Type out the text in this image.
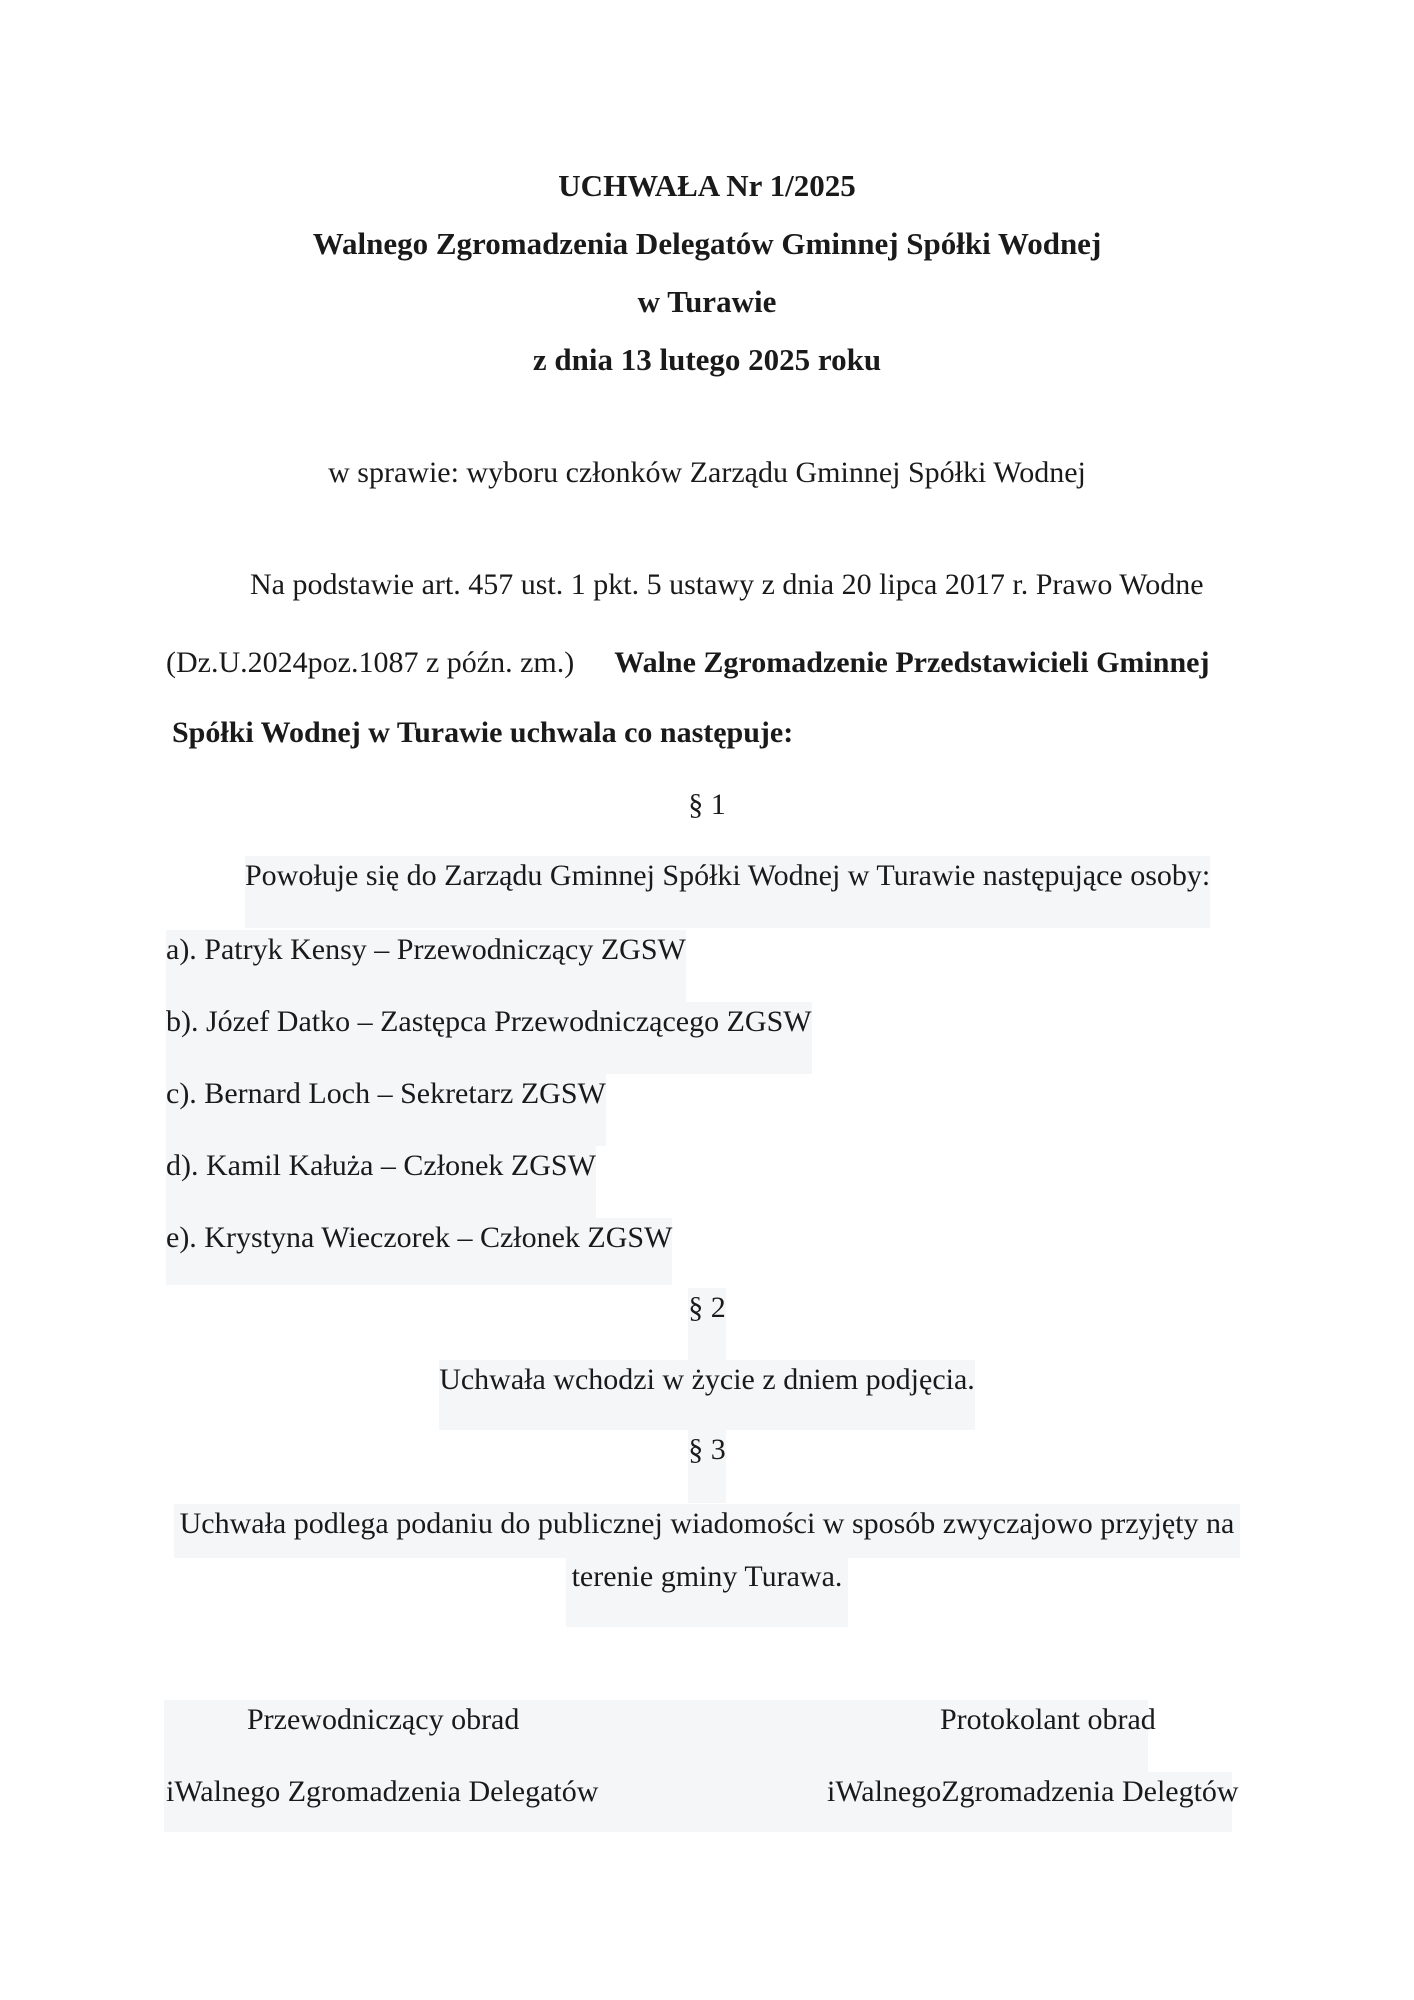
UCHWAŁA Nr 1/2025
Walnego Zgromadzenia Delegatów Gminnej Spółki Wodnej
w Turawie
z dnia 13 lutego 2025 roku
w sprawie: wyboru członków Zarządu Gminnej Spółki Wodnej
Na podstawie art. 457 ust. 1 pkt. 5 ustawy z dnia 20 lipca 2017 r. Prawo Wodne
(Dz.U.2024poz.1087 z późn. zm.) Walne Zgromadzenie Przedstawicieli Gminnej
Spółki Wodnej w Turawie uchwala co następuje:
§ 1
Powołuje się do Zarządu Gminnej Spółki Wodnej w Turawie następujące osoby:
a). Patryk Kensy – Przewodniczący ZGSW
b). Józef Datko – Zastępca Przewodniczącego ZGSW
c). Bernard Loch – Sekretarz ZGSW
d). Kamil Kałuża – Członek ZGSW
e). Krystyna Wieczorek – Członek ZGSW
§ 2
Uchwała wchodzi w życie z dniem podjęcia.
§ 3
Uchwała podlega podaniu do publicznej wiadomości w sposób zwyczajowo przyjęty na
terenie gminy Turawa.
Przewodniczący obrad	Protokolant obrad
iWalnego Zgromadzenia Delegatów	iWalnegoZgromadzenia Delegtów
